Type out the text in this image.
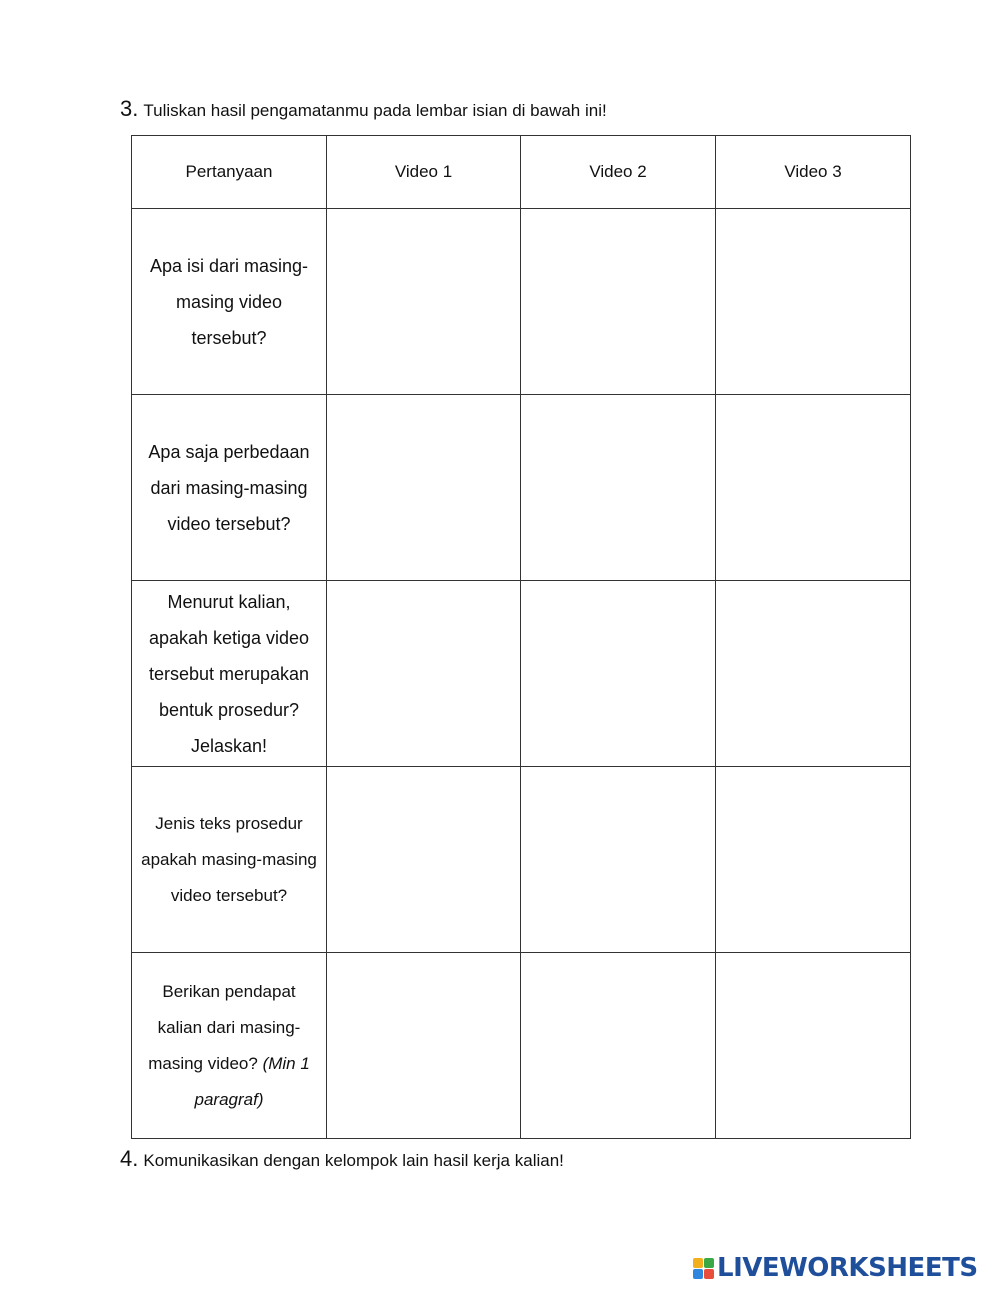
3. Tuliskan hasil pengamatanmu pada lembar isian di bawah ini!
Pertanyaan	Video 1	Video 2	Video 3

Apa isi dari masing-masing video tersebut?			

Apa saja perbedaan dari masing-masing video tersebut?			

Menurut kalian, apakah ketiga video tersebut merupakan bentuk prosedur? Jelaskan!			

Jenis teks prosedur apakah masing-masing video tersebut?			

Berikan pendapat kalian dari masing-masing video? (Min 1 paragraf)			

4. Komunikasikan dengan kelompok lain hasil kerja kalian!
LIVEWORKSHEETS
